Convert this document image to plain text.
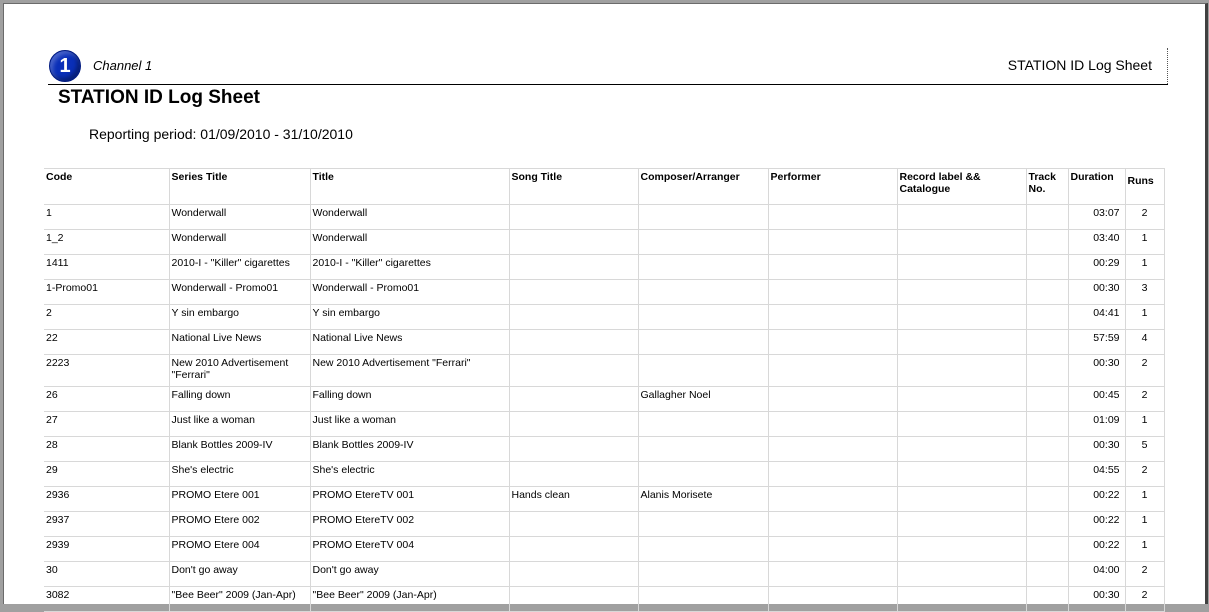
1	Channel 1	STATION ID Log Sheet
STATION ID Log Sheet
Reporting period: 01/09/2010 - 31/10/2010
Code	Series Title	Title	Song Title	Composer/Arranger	Performer	Record label && Catalogue	Track No.	Duration	Runs
1	Wonderwall	Wonderwall						03:07	2
1_2	Wonderwall	Wonderwall						03:40	1
1411	2010-I - "Killer" cigarettes	2010-I - "Killer" cigarettes						00:29	1
1-Promo01	Wonderwall - Promo01	Wonderwall - Promo01						00:30	3
2	Y sin embargo	Y sin embargo						04:41	1
22	National Live News	National Live News						57:59	4
2223	New 2010 Advertisement "Ferrari"	New 2010 Advertisement "Ferrari"						00:30	2
26	Falling down	Falling down		Gallagher Noel				00:45	2
27	Just like a woman	Just like a woman						01:09	1
28	Blank Bottles 2009-IV	Blank Bottles 2009-IV						00:30	5
29	She's electric	She's electric						04:55	2
2936	PROMO Etere 001	PROMO EtereTV 001	Hands clean	Alanis Morisete				00:22	1
2937	PROMO Etere 002	PROMO EtereTV 002						00:22	1
2939	PROMO Etere 004	PROMO EtereTV 004						00:22	1
30	Don't go away	Don't go away						04:00	2
3082	"Bee Beer" 2009 (Jan-Apr)	"Bee Beer" 2009 (Jan-Apr)						00:30	2
